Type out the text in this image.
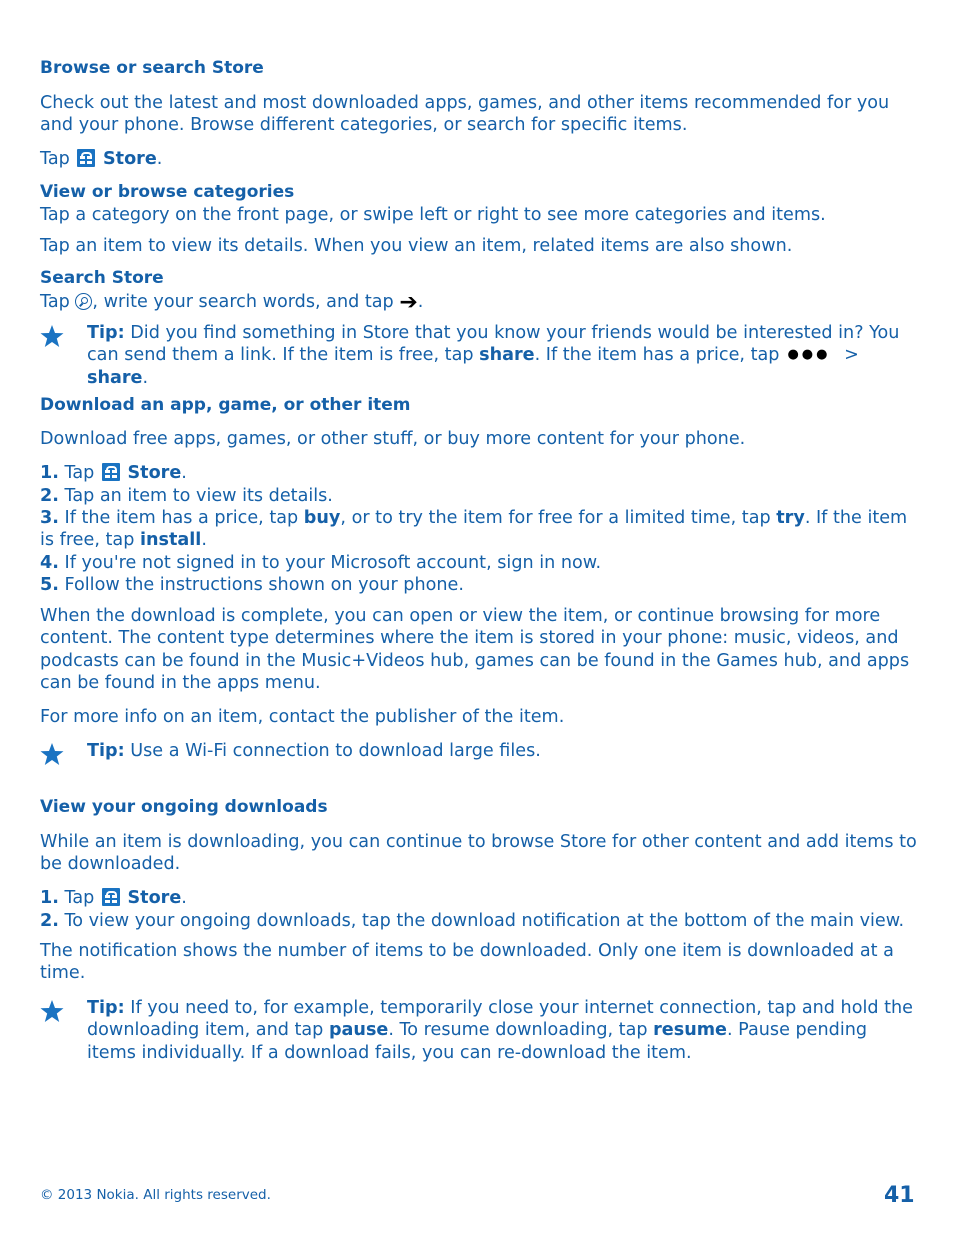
Browse or search Store
Check out the latest and most downloaded apps, games, and other items recommended for you and your phone. Browse different categories, or search for specific items.
Tap Store.
View or browse categories
Tap a category on the front page, or swipe left or right to see more categories and items.
Tap an item to view its details. When you view an item, related items are also shown.
Search Store
Tap , write your search words, and tap ➔.
Tip: Did you find something in Store that you know your friends would be interested in? You can send them a link. If the item is free, tap share. If the item has a price, tap ●●● > share.
Download an app, game, or other item
Download free apps, games, or other stuff, or buy more content for your phone.
1. Tap Store.
2. Tap an item to view its details.
3. If the item has a price, tap buy, or to try the item for free for a limited time, tap try. If the item is free, tap install.
4. If you're not signed in to your Microsoft account, sign in now.
5. Follow the instructions shown on your phone.
When the download is complete, you can open or view the item, or continue browsing for more content. The content type determines where the item is stored in your phone: music, videos, and podcasts can be found in the Music+Videos hub, games can be found in the Games hub, and apps can be found in the apps menu.
For more info on an item, contact the publisher of the item.
Tip: Use a Wi-Fi connection to download large files.
View your ongoing downloads
While an item is downloading, you can continue to browse Store for other content and add items to be downloaded.
1. Tap Store.
2. To view your ongoing downloads, tap the download notification at the bottom of the main view.
The notification shows the number of items to be downloaded. Only one item is downloaded at a time.
Tip: If you need to, for example, temporarily close your internet connection, tap and hold the downloading item, and tap pause. To resume downloading, tap resume. Pause pending items individually. If a download fails, you can re-download the item.
© 2013 Nokia. All rights reserved.	41
